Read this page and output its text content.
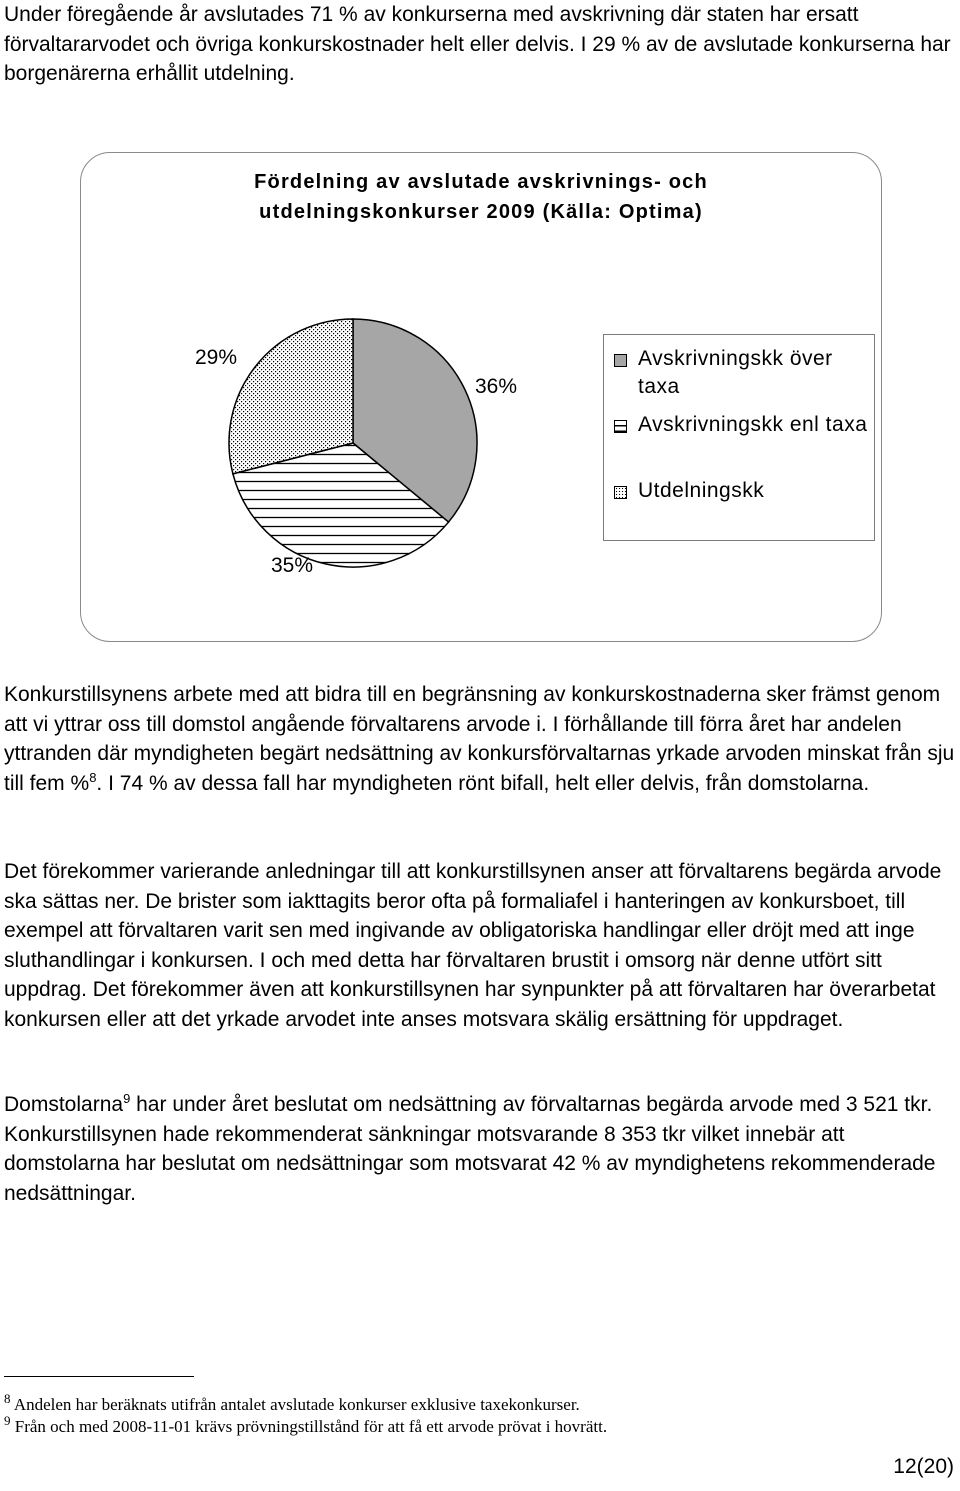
Under föregående år avslutades 71 % av konkurserna med avskrivning där staten har ersatt förvaltararvodet och övriga konkurskostnader helt eller delvis. I 29 % av de avslutade konkurserna har borgenärerna erhållit utdelning.

Fördelning av avslutade avskrivnings- och
utdelningskonkurser 2009 (Källa: Optima)
29%
36%
35%
Avskrivningskk över taxa
Avskrivningskk enl taxa
Utdelningskk

Konkurstillsynens arbete med att bidra till en begränsning av konkurskostnaderna sker främst genom att vi yttrar oss till domstol angående förvaltarens arvode i. I förhållande till förra året har andelen yttranden där myndigheten begärt nedsättning av konkursförvaltarnas yrkade arvoden minskat från sju till fem %$^8$. I 74 % av dessa fall har myndigheten rönt bifall, helt eller delvis, från domstolarna.

Det förekommer varierande anledningar till att konkurstillsynen anser att förvaltarens begärda arvode ska sättas ner. De brister som iakttagits beror ofta på formaliafel i hanteringen av konkursboet, till exempel att förvaltaren varit sen med ingivande av obligatoriska handlingar eller dröjt med att inge sluthandlingar i konkursen. I och med detta har förvaltaren brustit i omsorg när denne utfört sitt uppdrag. Det förekommer även att konkurstillsynen har synpunkter på att förvaltaren har överarbetat konkursen eller att det yrkade arvodet inte anses motsvara skälig ersättning för uppdraget.

Domstolarna$^9$ har under året beslutat om nedsättning av förvaltarnas begärda arvode med 3 521 tkr. Konkurstillsynen hade rekommenderat sänkningar motsvarande 8 353 tkr vilket innebär att domstolarna har beslutat om nedsättningar som motsvarat 42 % av myndighetens rekommenderade nedsättningar.

$^8$ Andelen har beräknats utifrån antalet avslutade konkurser exklusive taxekonkurser.
$^9$ Från och med 2008-11-01 krävs prövningstillstånd för att få ett arvode prövat i hovrätt.
12(20)
